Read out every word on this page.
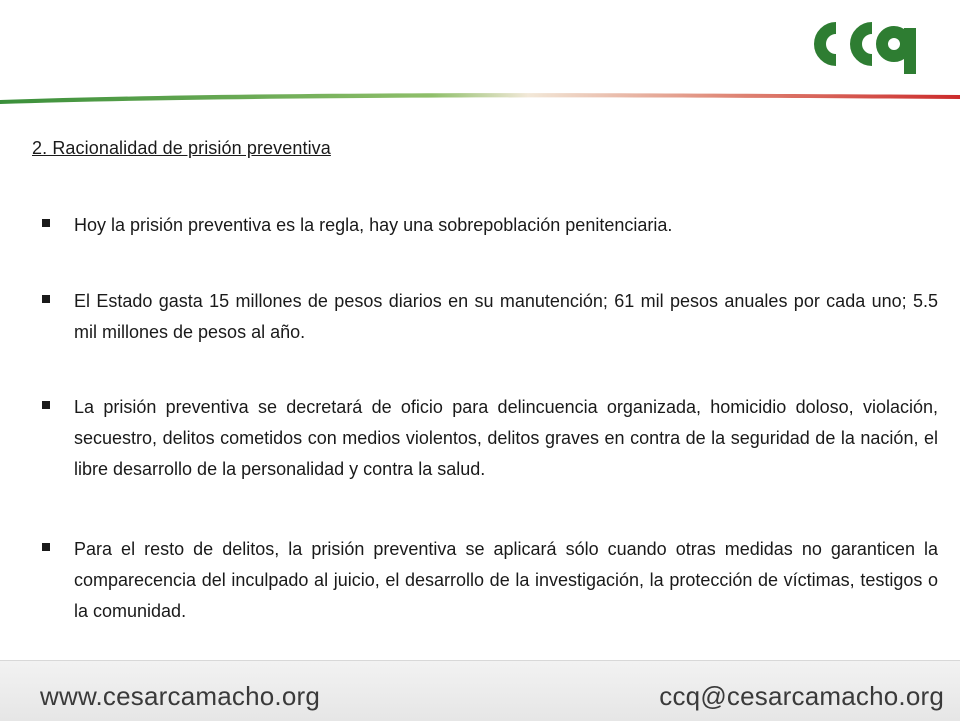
2. Racionalidad de prisión preventiva
Hoy la prisión preventiva es la regla, hay una sobrepoblación penitenciaria.
El Estado gasta 15 millones de pesos diarios en su manutención; 61 mil pesos anuales por cada uno; 5.5 mil millones de pesos al año.
La prisión preventiva se decretará de oficio para delincuencia organizada, homicidio doloso, violación, secuestro, delitos cometidos con medios violentos, delitos graves en contra de la seguridad de la nación, el libre desarrollo de la personalidad y contra la salud.
Para el resto de delitos, la prisión preventiva se aplicará sólo cuando otras medidas no garanticen la comparecencia del inculpado al juicio, el desarrollo de la investigación, la protección de víctimas, testigos o la comunidad.
www.cesarcamacho.org	ccq@cesarcamacho.org
